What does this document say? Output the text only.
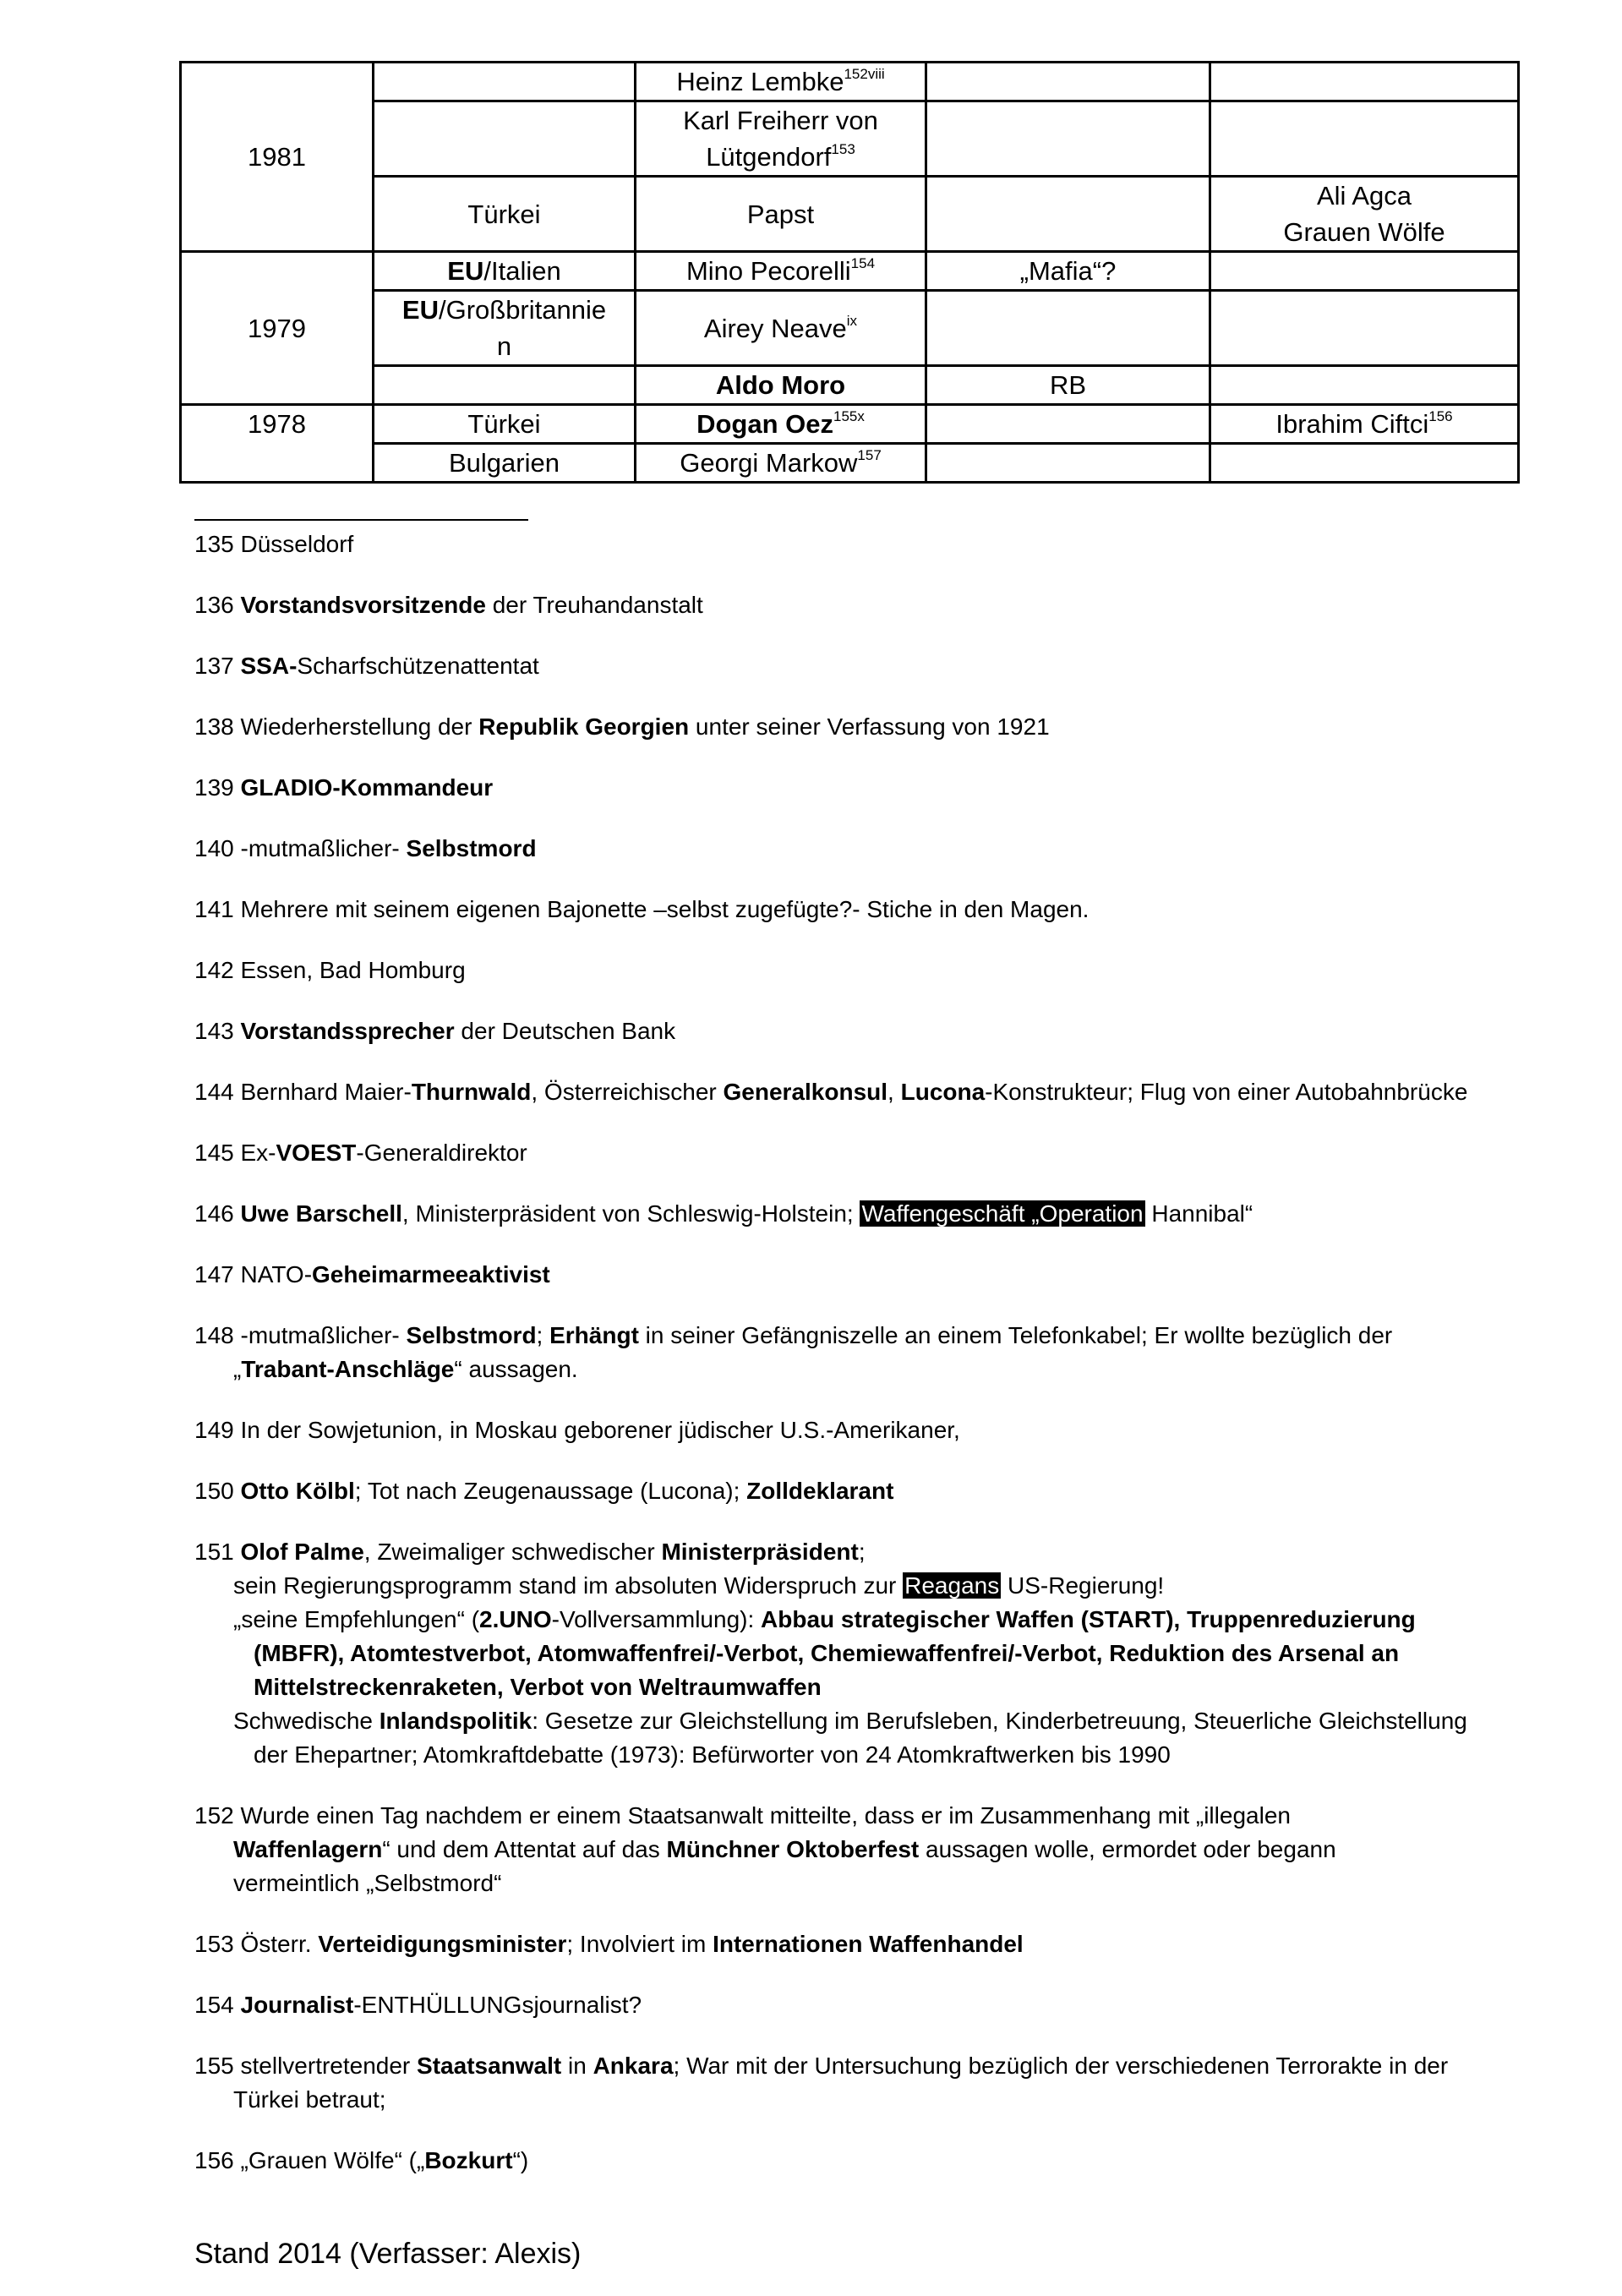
1981		Heinz Lembke$^{152viii}$		
		Karl Freiherr von
Lütgendorf$^{153}$		
	Türkei	Papst		Ali Agca
Grauen Wölfe
1979	EU/Italien	Mino Pecorelli$^{154}$	„Mafia“?	
	EU/Großbritannie
n	Airey Neave$^{ix}$		
		Aldo Moro	RB	
1978	Türkei	Dogan Oez$^{155x}$		Ibrahim Ciftci$^{156}$
	Bulgarien	Georgi Markow$^{157}$		
135 Düsseldorf
136 Vorstandsvorsitzende der Treuhandanstalt
137 SSA-Scharfschützenattentat
138 Wiederherstellung der Republik Georgien unter seiner Verfassung von 1921
139 GLADIO-Kommandeur
140 -mutmaßlicher- Selbstmord
141 Mehrere mit seinem eigenen Bajonette –selbst zugefügte?- Stiche in den Magen.
142 Essen, Bad Homburg
143 Vorstandssprecher der Deutschen Bank
144 Bernhard Maier-Thurnwald, Österreichischer Generalkonsul, Lucona-Konstrukteur; Flug von einer Autobahnbrücke
145 Ex-VOEST-Generaldirektor
146 Uwe Barschell, Ministerpräsident von Schleswig-Holstein; Waffengeschäft „Operation Hannibal“
147 NATO-Geheimarmeeaktivist
148 -mutmaßlicher- Selbstmord; Erhängt in seiner Gefängniszelle an einem Telefonkabel; Er wollte bezüglich der
„Trabant-Anschläge“ aussagen.
149 In der Sowjetunion, in Moskau geborener jüdischer U.S.-Amerikaner,
150 Otto Kölbl; Tot nach Zeugenaussage (Lucona); Zolldeklarant
151 Olof Palme, Zweimaliger schwedischer Ministerpräsident;
sein Regierungsprogramm stand im absoluten Widerspruch zur Reagans US-Regierung!
„seine Empfehlungen“ (2.UNO-Vollversammlung): Abbau strategischer Waffen (START), Truppenreduzierung
(MBFR), Atomtestverbot, Atomwaffenfrei/-Verbot, Chemiewaffenfrei/-Verbot, Reduktion des Arsenal an
Mittelstreckenraketen, Verbot von Weltraumwaffen
Schwedische Inlandspolitik: Gesetze zur Gleichstellung im Berufsleben, Kinderbetreuung, Steuerliche Gleichstellung
der Ehepartner; Atomkraftdebatte (1973): Befürworter von 24 Atomkraftwerken bis 1990
152 Wurde einen Tag nachdem er einem Staatsanwalt mitteilte, dass er im Zusammenhang mit „illegalen
Waffenlagern“ und dem Attentat auf das Münchner Oktoberfest aussagen wolle, ermordet oder begann
vermeintlich „Selbstmord“
153 Österr. Verteidigungsminister; Involviert im Internationen Waffenhandel
154 Journalist-ENTHÜLLUNGsjournalist?
155 stellvertretender Staatsanwalt in Ankara; War mit der Untersuchung bezüglich der verschiedenen Terrorakte in der
Türkei betraut;
156 „Grauen Wölfe“ („Bozkurt“)
Stand 2014 (Verfasser: Alexis)
